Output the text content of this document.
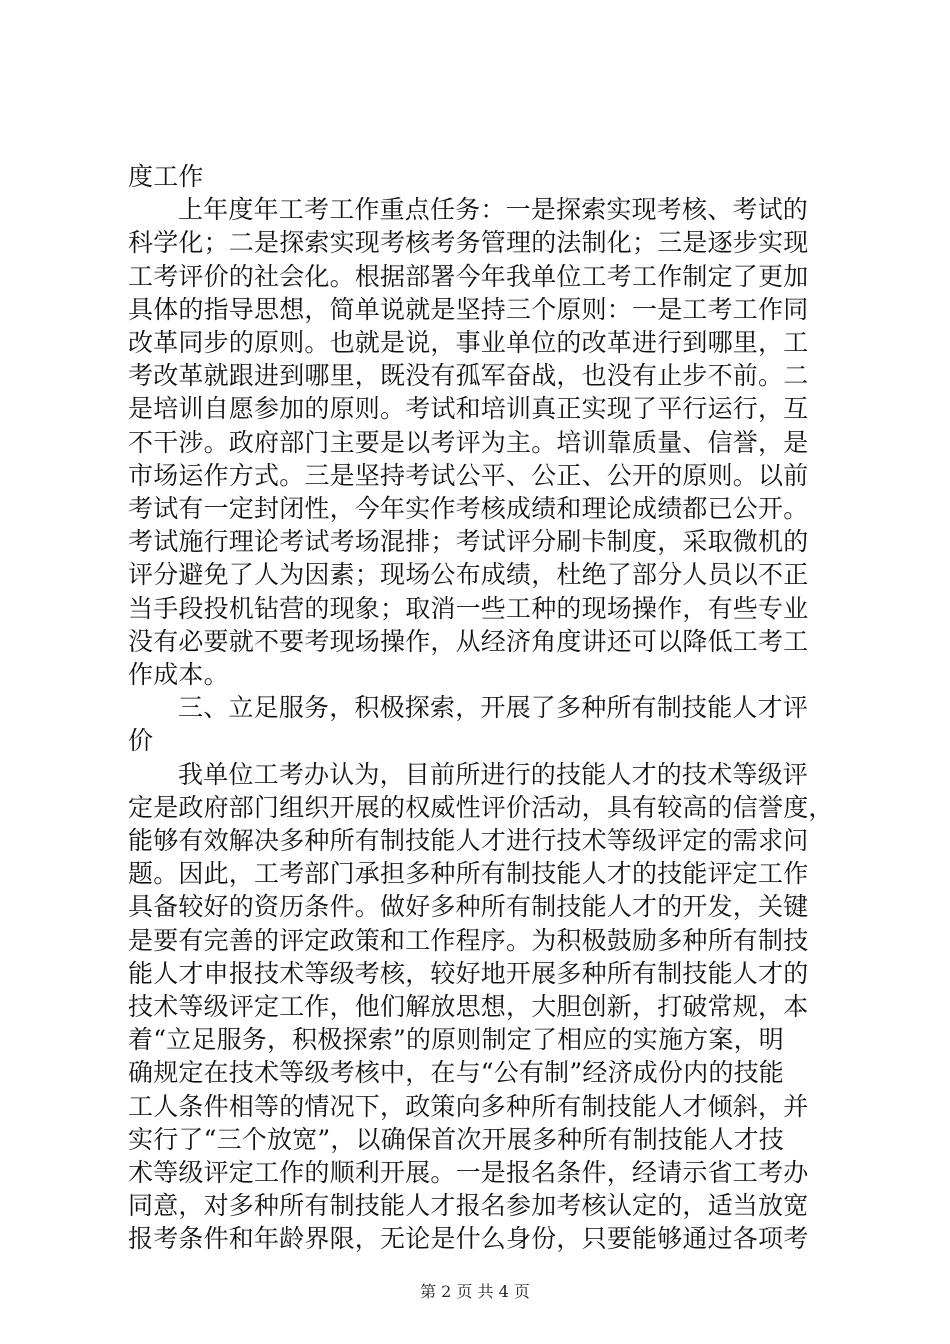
度工作
上年度年工考工作重点任务：一是探索实现考核、考试的
科学化；二是探索实现考核考务管理的法制化；三是逐步实现
工考评价的社会化。根据部署今年我单位工考工作制定了更加
具体的指导思想，简单说就是坚持三个原则：一是工考工作同
改革同步的原则。也就是说，事业单位的改革进行到哪里，工
考改革就跟进到哪里，既没有孤军奋战，也没有止步不前。二
是培训自愿参加的原则。考试和培训真正实现了平行运行，互
不干涉。政府部门主要是以考评为主。培训靠质量、信誉，是
市场运作方式。三是坚持考试公平、公正、公开的原则。以前
考试有一定封闭性，今年实作考核成绩和理论成绩都已公开。
考试施行理论考试考场混排；考试评分刷卡制度，采取微机的
评分避免了人为因素；现场公布成绩，杜绝了部分人员以不正
当手段投机钻营的现象；取消一些工种的现场操作，有些专业
没有必要就不要考现场操作，从经济角度讲还可以降低工考工
作成本。
三、立足服务，积极探索，开展了多种所有制技能人才评
价
我单位工考办认为，目前所进行的技能人才的技术等级评
定是政府部门组织开展的权威性评价活动，具有较高的信誉度，
能够有效解决多种所有制技能人才进行技术等级评定的需求问
题。因此，工考部门承担多种所有制技能人才的技能评定工作
具备较好的资历条件。做好多种所有制技能人才的开发，关键
是要有完善的评定政策和工作程序。为积极鼓励多种所有制技
能人才申报技术等级考核，较好地开展多种所有制技能人才的
技术等级评定工作，他们解放思想，大胆创新，打破常规，本
着“立足服务，积极探索”的原则制定了相应的实施方案，明
确规定在技术等级考核中，在与“公有制”经济成份内的技能
工人条件相等的情况下，政策向多种所有制技能人才倾斜，并
实行了“三个放宽”，以确保首次开展多种所有制技能人才技
术等级评定工作的顺利开展。一是报名条件，经请示省工考办
同意，对多种所有制技能人才报名参加考核认定的，适当放宽
报考条件和年龄界限，无论是什么身份，只要能够通过各项考
第 2 页 共 4 页
